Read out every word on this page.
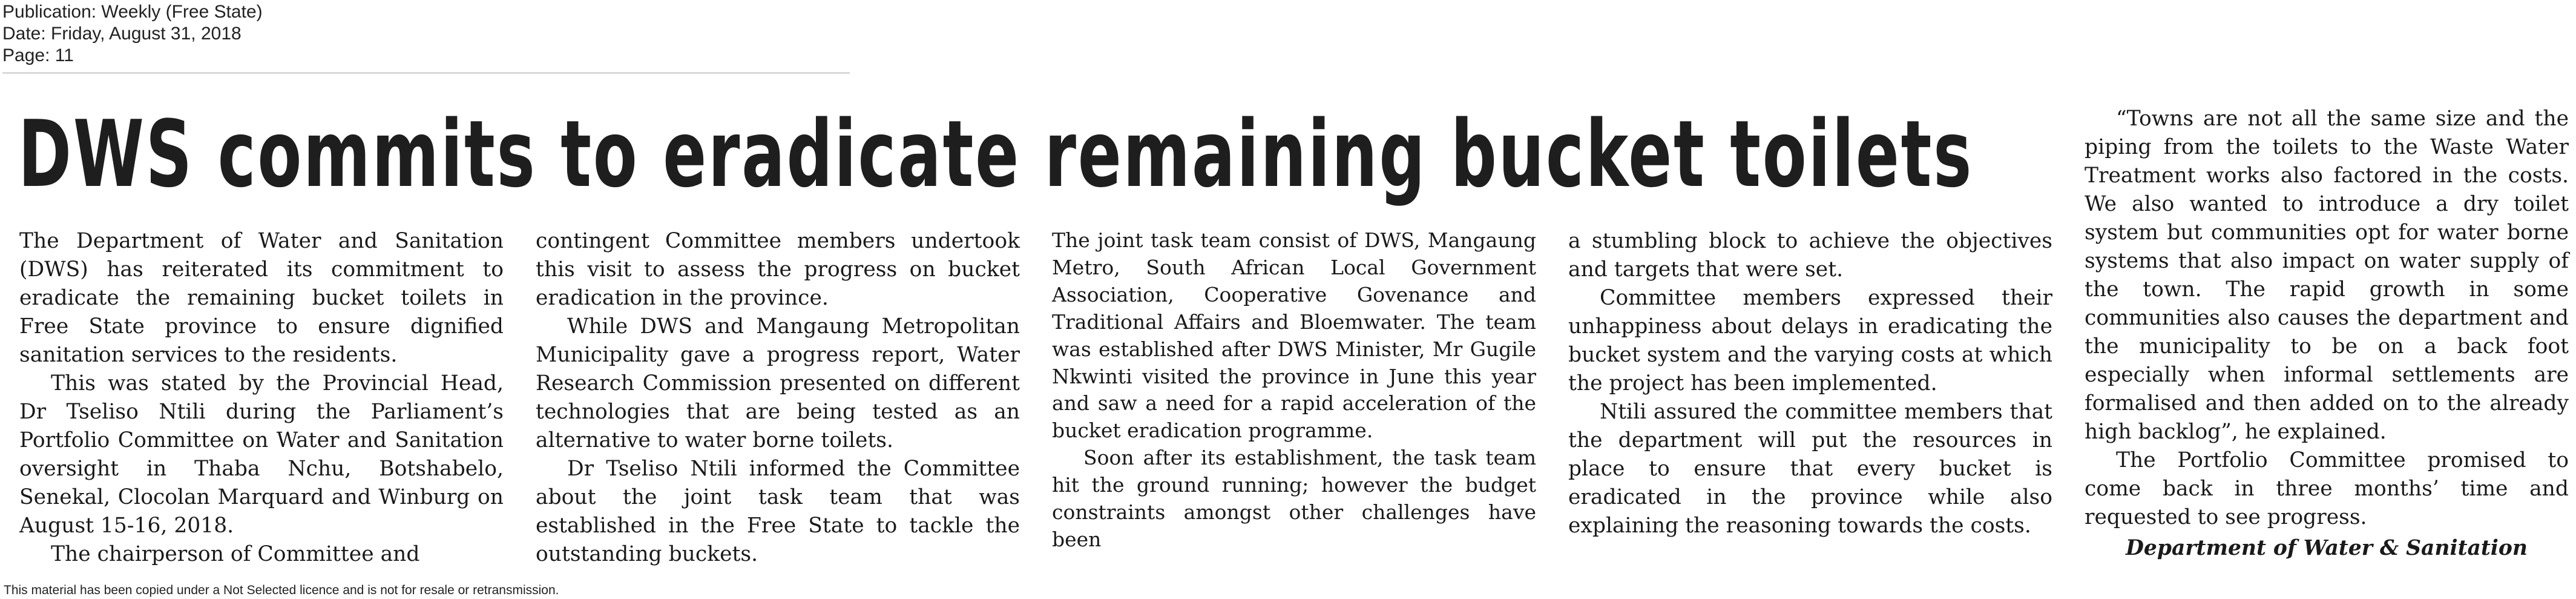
Publication: Weekly (Free State)
Date: Friday, August 31, 2018
Page: 11
DWS commits to eradicate remaining bucket toilets

The Department of Water and Sanitation (DWS) has reiterated its commitment to eradicate the remaining bucket toilets in Free State province to ensure dignified sanitation services to the residents.

This was stated by the Provincial Head, Dr Tseliso Ntili during the Parliament’s Portfolio Committee on Water and Sanitation oversight in Thaba Nchu, Botshabelo, Senekal, Clocolan Marquard and Winburg on August 15-16, 2018.

The chairperson of Committee and

contingent Committee members undertook this visit to assess the progress on bucket eradication in the province.

While DWS and Mangaung Metropolitan Municipality gave a progress report, Water Research Commission presented on different technologies that are being tested as an alternative to water borne toilets.

Dr Tseliso Ntili informed the Committee about the joint task team that was established in the Free State to tackle the outstanding buckets.

The joint task team consist of DWS, Mangaung Metro, South African Local Government Association, Cooperative Govenance and Traditional Affairs and Bloemwater. The team was established after DWS Minister, Mr Gugile Nkwinti visited the province in June this year and saw a need for a rapid acceleration of the bucket eradication programme.

Soon after its establishment, the task team hit the ground running; however the budget constraints amongst other challenges have been

a stumbling block to achieve the objectives and targets that were set.

Committee members expressed their unhappiness about delays in eradicating the bucket system and the varying costs at which the project has been implemented.

Ntili assured the committee members that the department will put the resources in place to ensure that every bucket is eradicated in the province while also explaining the reasoning towards the costs.

“Towns are not all the same size and the piping from the toilets to the Waste Water Treatment works also factored in the costs. We also wanted to introduce a dry toilet system but communities opt for water borne systems that also impact on water supply of the town. The rapid growth in some communities also causes the department and the municipality to be on a back foot especially when informal settlements are formalised and then added on to the already high backlog”, he explained.

The Portfolio Committee promised to come back in three months’ time and requested to see progress.

Department of Water & Sanitation

This material has been copied under a Not Selected licence and is not for resale or retransmission.
